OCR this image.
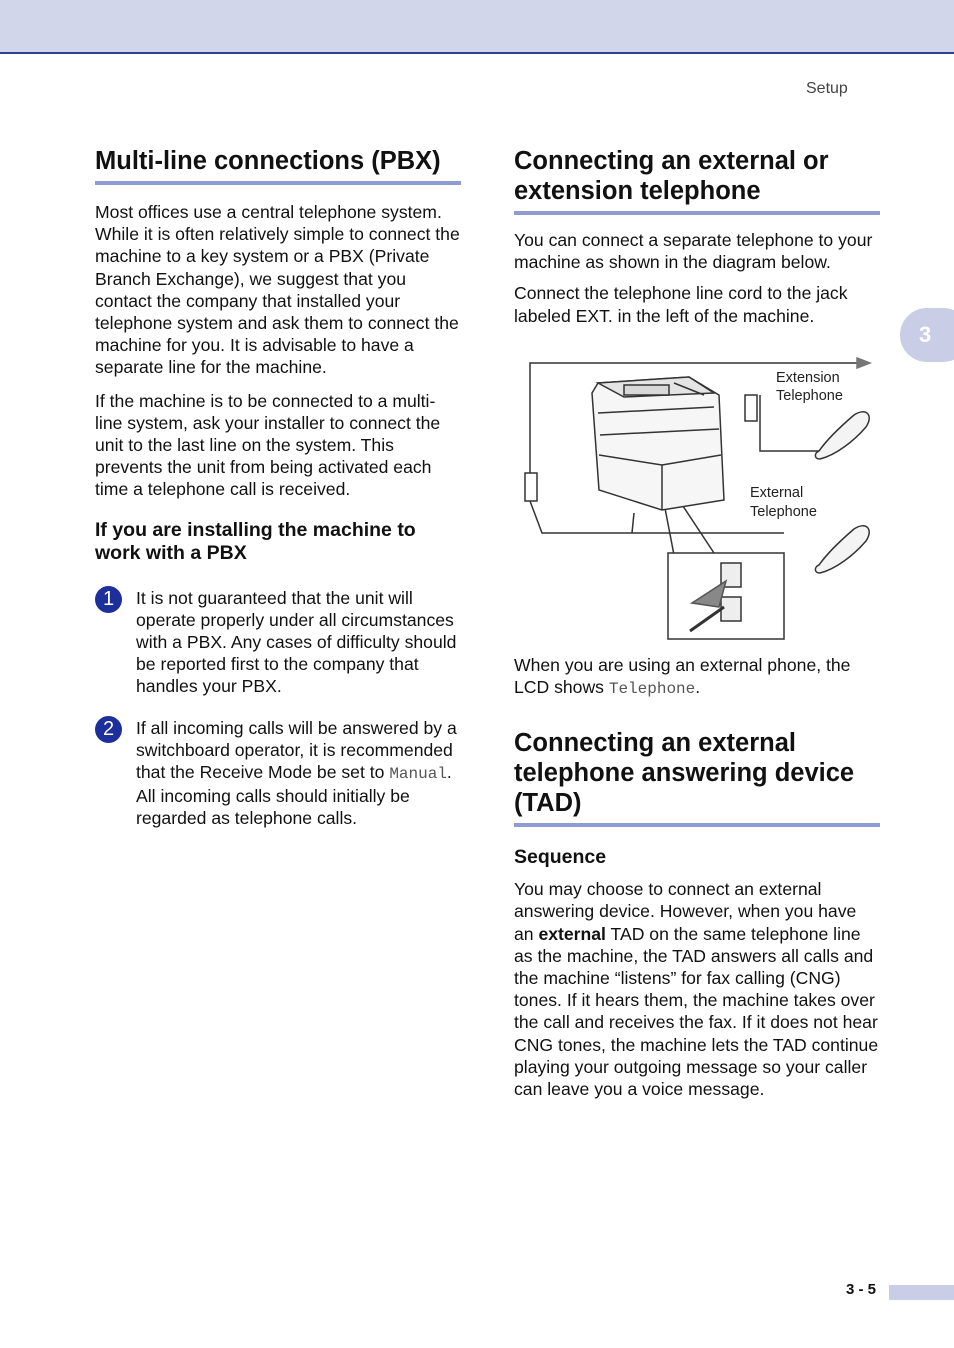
Setup
3
Multi-line connections (PBX)

Most offices use a central telephone system. While it is often relatively simple to connect the machine to a key system or a PBX (Private Branch Exchange), we suggest that you contact the company that installed your telephone system and ask them to connect the machine for you. It is advisable to have a separate line for the machine.

If the machine is to be connected to a multi-line system, ask your installer to connect the unit to the last line on the system. This prevents the unit from being activated each time a telephone call is received.

If you are installing the machine to work with a PBX
1	It is not guaranteed that the unit will operate properly under all circumstances with a PBX. Any cases of difficulty should be reported first to the company that handles your PBX.

2	If all incoming calls will be answered by a switchboard operator, it is recommended that the Receive Mode be set to Manual. All incoming calls should initially be regarded as telephone calls.

Connecting an external or extension telephone

You can connect a separate telephone to your machine as shown in the diagram below.

Connect the telephone line cord to the jack labeled EXT. in the left of the machine.

Extension
Telephone
External
Telephone

When you are using an external phone, the LCD shows Telephone.

Connecting an external telephone answering device (TAD)
Sequence

You may choose to connect an external answering device. However, when you have an external TAD on the same telephone line as the machine, the TAD answers all calls and the machine “listens” for fax calling (CNG) tones. If it hears them, the machine takes over the call and receives the fax. If it does not hear CNG tones, the machine lets the TAD continue playing your outgoing message so your caller can leave you a voice message.

3 - 5
